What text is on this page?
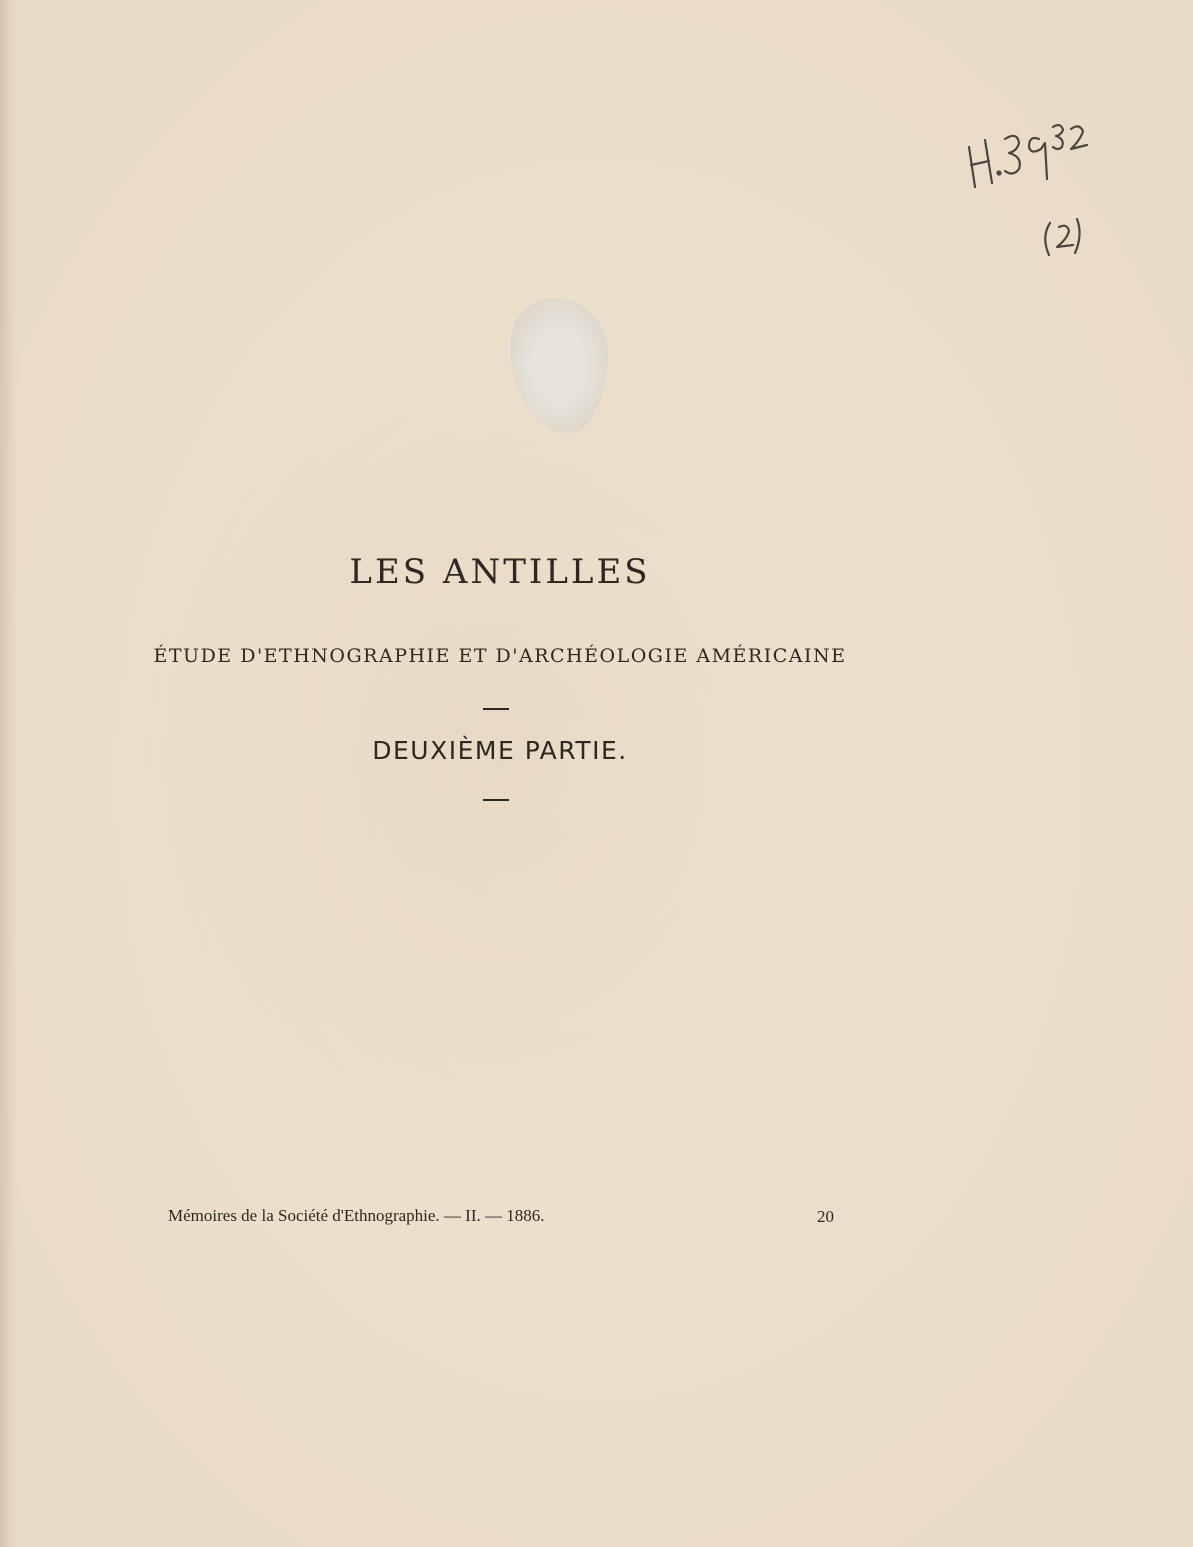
LES ANTILLES
ÉTUDE D'ETHNOGRAPHIE ET D'ARCHÉOLOGIE AMÉRICAINE
DEUXIÈME PARTIE.
Mémoires de la Société d'Ethnographie. — II. — 1886.	20
